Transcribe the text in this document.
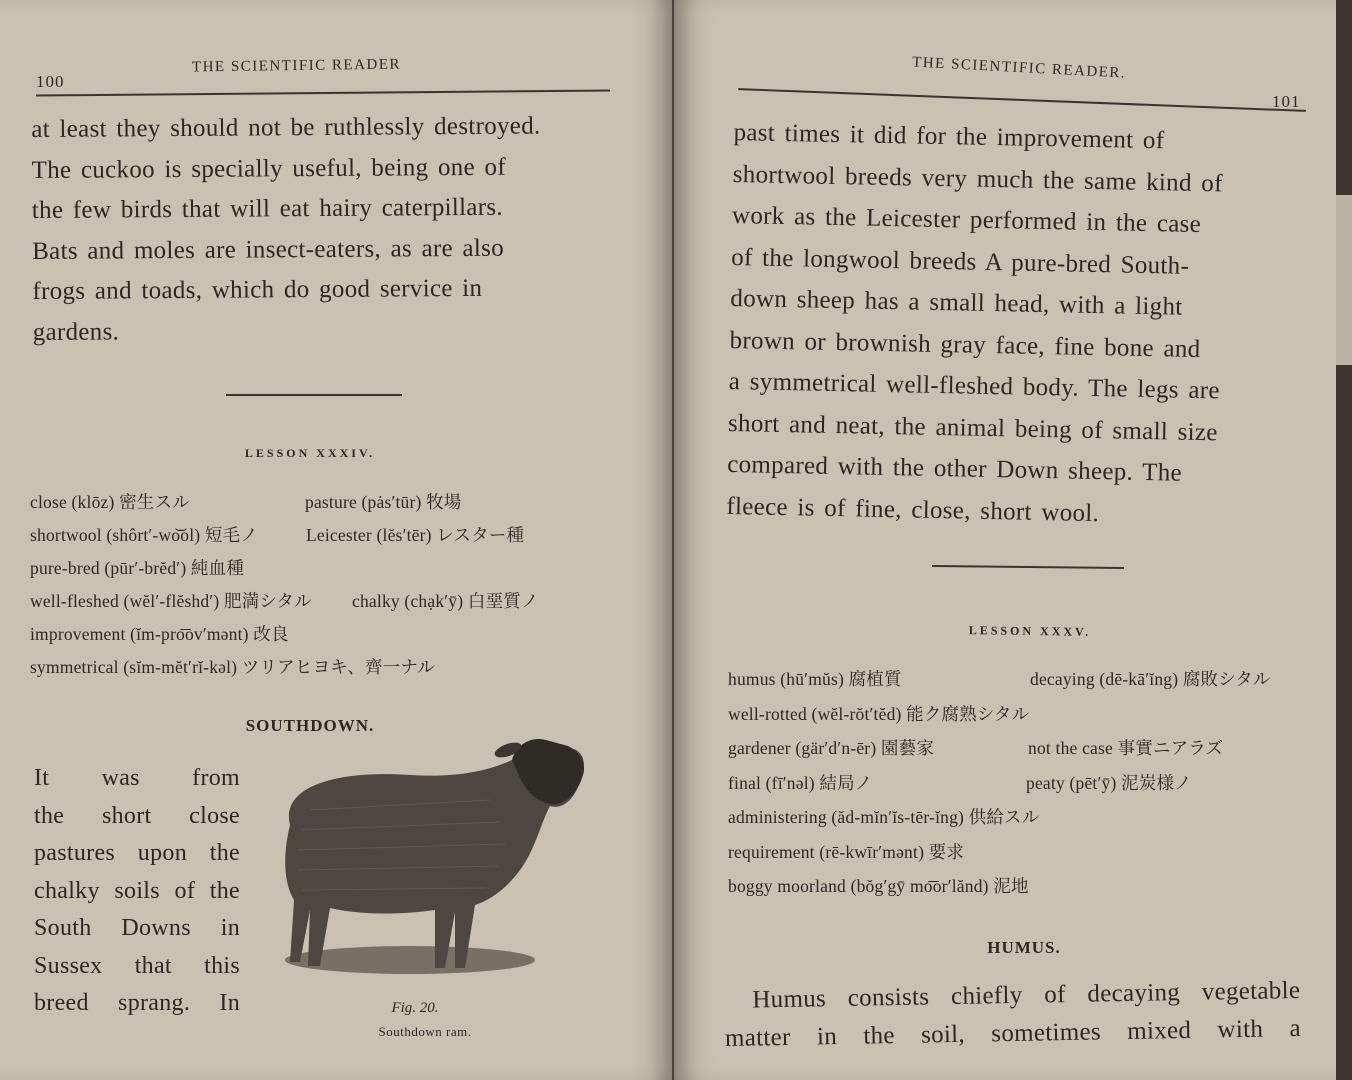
100
THE SCIENTIFIC READER

at least they should not be ruthlessly destroyed.

The cuckoo is specially useful, being one of

the few birds that will eat hairy caterpillars.

Bats and moles are insect-eaters, as are also

frogs and toads, which do good service in

gardens.

LESSON XXXIV.
close (klōz) 密生スル	pasture (pȧs′tūr) 牧場
shortwool (shôrt′-wo͝ol) 短毛ノ	Leicester (lĕs′tēr) レスター種
pure-bred (pūr′-brĕd′) 純血種
well-fleshed (wĕl′-flĕshd′) 肥満シタル chalky (chạk′ȳ) 白堊質ノ
improvement (ĭm-pro͞ov′mənt) 改良
symmetrical (sĭm-mĕt′rĭ-kəl) ツリアヒヨキ、齊一ナル
SOUTHDOWN.

It was from

the short close

pastures upon the

chalky soils of the

South Downs in

Sussex that this

breed sprang. In	Fig. 20.
Southdown ram.
THE SCIENTIFIC READER.
101

past times it did for the improvement of

shortwool breeds very much the same kind of

work as the Leicester performed in the case

of the longwool breeds A pure-bred South-

down sheep has a small head, with a light

brown or brownish gray face, fine bone and

a symmetrical well-fleshed body. The legs are

short and neat, the animal being of small size

compared with the other Down sheep. The

fleece is of fine, close, short wool.

LESSON XXXV.
humus (hū′mŭs) 腐植質	decaying (dē-kā′ĭng) 腐敗シタル
well-rotted (wĕl-rŏt′tĕd) 能ク腐熟シタル
gardener (gär′d′n-ēr) 園藝家	not the case 事實ニアラズ
final (fī′nəl) 結局ノ	peaty (pēt′ȳ) 泥炭様ノ
administering (ăd-mĭn′ĭs-tēr-ĭng) 供給スル
requirement (rē-kwīr′mənt) 要求
boggy moorland (bŏg′gȳ mo͞or′lănd) 泥地
HUMUS.

Humus consists chiefly of decaying vegetable

matter in the soil, sometimes mixed with a
